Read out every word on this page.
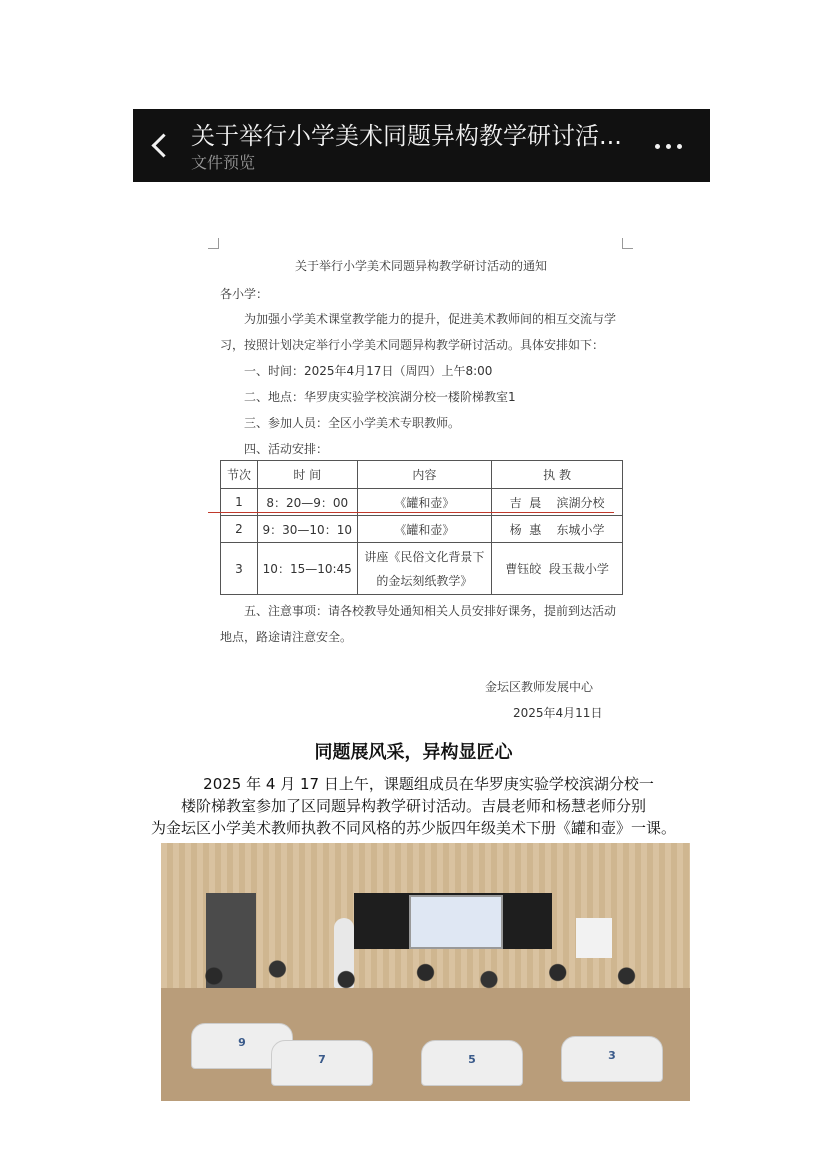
关于举行小学美术同题异构教学研讨活...
文件预览
关于举行小学美术同题异构教学研讨活动的通知
各小学：
为加强小学美术课堂教学能力的提升，促进美术教师间的相互交流与学
习，按照计划决定举行小学美术同题异构教学研讨活动。具体安排如下：
一、时间：2025年4月17日（周四）上午8:00
二、地点：华罗庚实验学校滨湖分校一楼阶梯教室1
三、参加人员：全区小学美术专职教师。
四、活动安排：
节次	时 间	内容	执 教
1	8：20—9：00	《罐和壶》	吉  晨    滨湖分校
2	9：30—10：10	《罐和壶》	杨  惠    东城小学
3	10：15—10:45	讲座《民俗文化背景下的金坛刻纸教学》	曹钰皎  段玉裁小学
五、注意事项：请各校教导处通知相关人员安排好课务，提前到达活动
地点，路途请注意安全。
金坛区教师发展中心
2025年4月11日
同题展风采，异构显匠心
2025 年 4 月 17 日上午，课题组成员在华罗庚实验学校滨湖分校一
楼阶梯教室参加了区同题异构教学研讨活动。吉晨老师和杨慧老师分别
为金坛区小学美术教师执教不同风格的苏少版四年级美术下册《罐和壶》一课。
9
7	5	3
